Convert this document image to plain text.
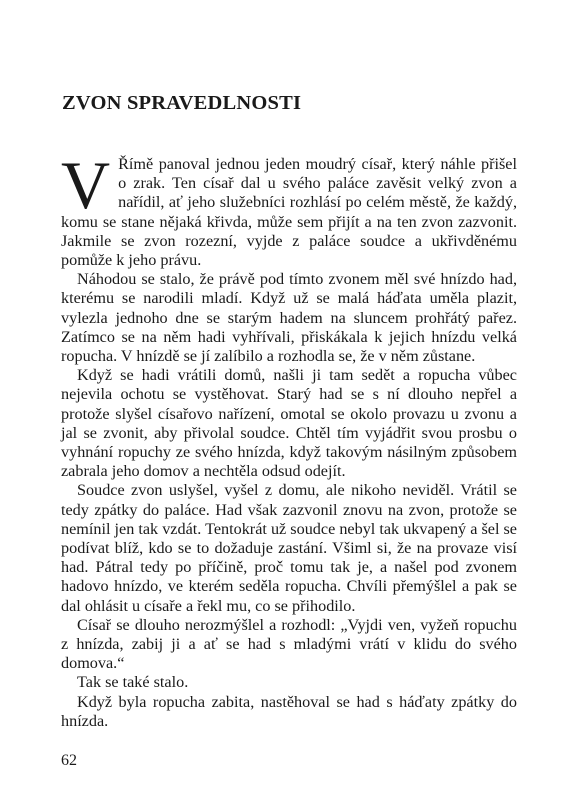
ZVON SPRAVEDLNOSTI

V Římě panoval jednou jeden moudrý císař, který náhle přišel o zrak. Ten císař dal u svého paláce zavěsit velký zvon a nařídil, ať jeho služebníci rozhlásí po celém městě, že každý, komu se stane nějaká křivda, může sem přijít a na ten zvon zazvonit. Jakmile se zvon rozezní, vyjde z paláce soudce a ukřivděnému pomůže k jeho právu.

Náhodou se stalo, že právě pod tímto zvonem měl své hnízdo had, kterému se narodili mladí. Když už se malá háďata uměla plazit, vylezla jednoho dne se starým hadem na sluncem prohřátý pařez. Zatímco se na něm hadi vyhřívali, přiskákala k jejich hnízdu velká ropucha. V hnízdě se jí zalíbilo a rozhodla se, že v něm zůstane.

Když se hadi vrátili domů, našli ji tam sedět a ropucha vůbec nejevila ochotu se vystěhovat. Starý had se s ní dlouho nepřel a protože slyšel císařovo nařízení, omotal se okolo provazu u zvonu a jal se zvonit, aby přivolal soudce. Chtěl tím vyjádřit svou prosbu o vyhnání ropuchy ze svého hnízda, když takovým násilným způsobem zabrala jeho domov a nechtěla odsud odejít.

Soudce zvon uslyšel, vyšel z domu, ale nikoho neviděl. Vrátil se tedy zpátky do paláce. Had však zazvonil znovu na zvon, protože se nemínil jen tak vzdát. Tentokrát už soudce nebyl tak ukvapený a šel se podívat blíž, kdo se to dožaduje zastání. Všiml si, že na provaze visí had. Pátral tedy po příčině, proč tomu tak je, a našel pod zvonem hadovo hnízdo, ve kterém seděla ropucha. Chvíli přemýšlel a pak se dal ohlásit u císaře a řekl mu, co se přihodilo.

Císař se dlouho nerozmýšlel a rozhodl: „Vyjdi ven, vyžeň ropuchu z hnízda, zabij ji a ať se had s mladými vrátí v klidu do svého domova.“

Tak se také stalo.

Když byla ropucha zabita, nastěhoval se had s háďaty zpátky do hnízda.

62
